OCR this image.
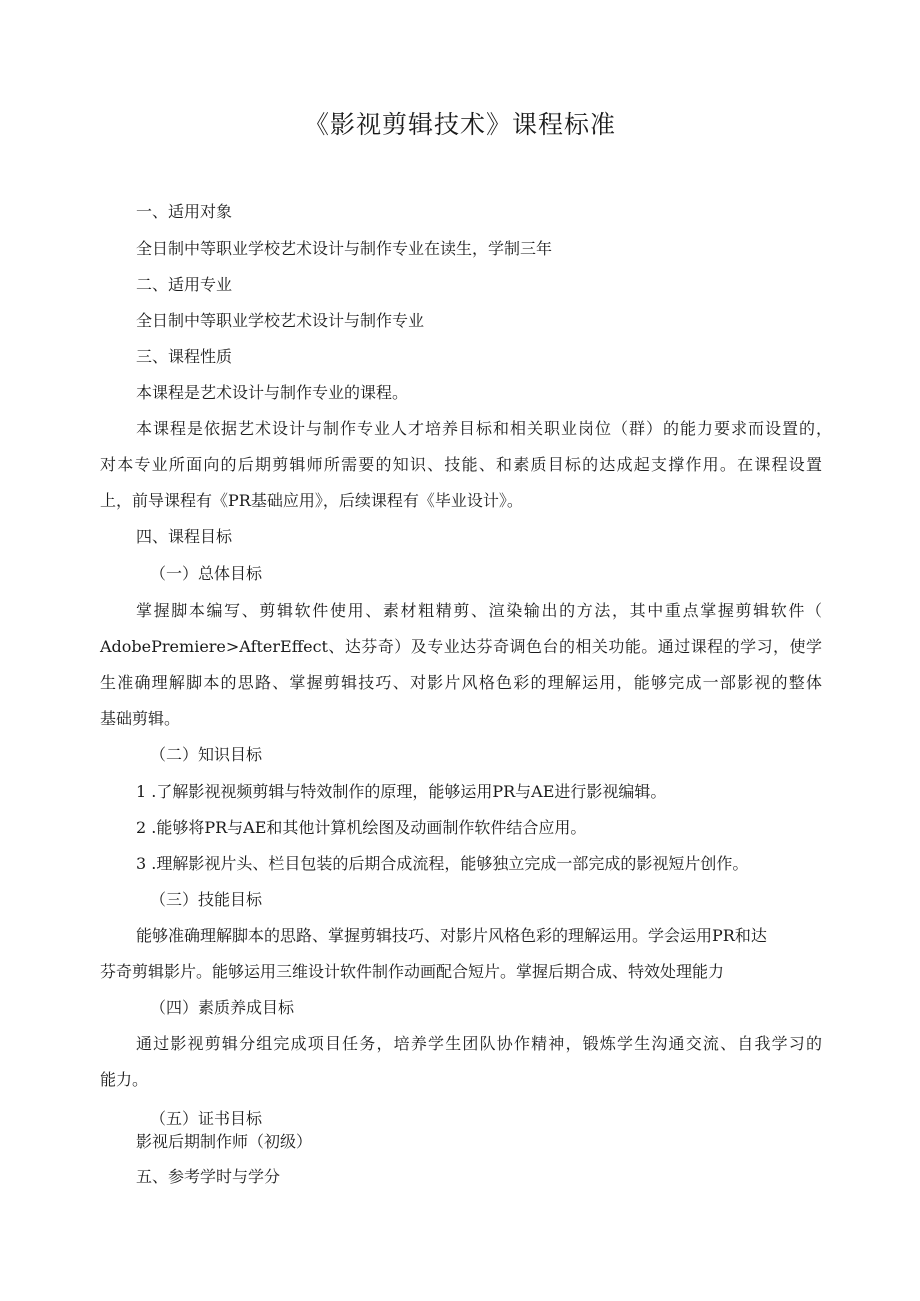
《影视剪辑技术》课程标准

一、适用对象

全日制中等职业学校艺术设计与制作专业在读生，学制三年

二、适用专业

全日制中等职业学校艺术设计与制作专业

三、课程性质

本课程是艺术设计与制作专业的课程。

本课程是依据艺术设计与制作专业人才培养目标和相关职业岗位（群）的能力要求而设置的，

对本专业所面向的后期剪辑师所需要的知识、技能、和素质目标的达成起支撑作用。在课程设置

上，前导课程有《PR基础应用》，后续课程有《毕业设计》。

四、课程目标

（一）总体目标

掌握脚本编写、剪辑软件使用、素材粗精剪、渲染输出的方法，其中重点掌握剪辑软件（

AdobePremiere>AfterEffect、达芬奇）及专业达芬奇调色台的相关功能。通过课程的学习，使学

生准确理解脚本的思路、掌握剪辑技巧、对影片风格色彩的理解运用，能够完成一部影视的整体

基础剪辑。

（二）知识目标

1 .了解影视视频剪辑与特效制作的原理，能够运用PR与AE进行影视编辑。

2 .能够将PR与AE和其他计算机绘图及动画制作软件结合应用。

3 .理解影视片头、栏目包装的后期合成流程，能够独立完成一部完成的影视短片创作。

（三）技能目标

能够准确理解脚本的思路、掌握剪辑技巧、对影片风格色彩的理解运用。学会运用PR和达

芬奇剪辑影片。能够运用三维设计软件制作动画配合短片。掌握后期合成、特效处理能力

（四）素质养成目标

通过影视剪辑分组完成项目任务，培养学生团队协作精神，锻炼学生沟通交流、自我学习的

能力。

（五）证书目标

影视后期制作师（初级）

五、参考学时与学分
